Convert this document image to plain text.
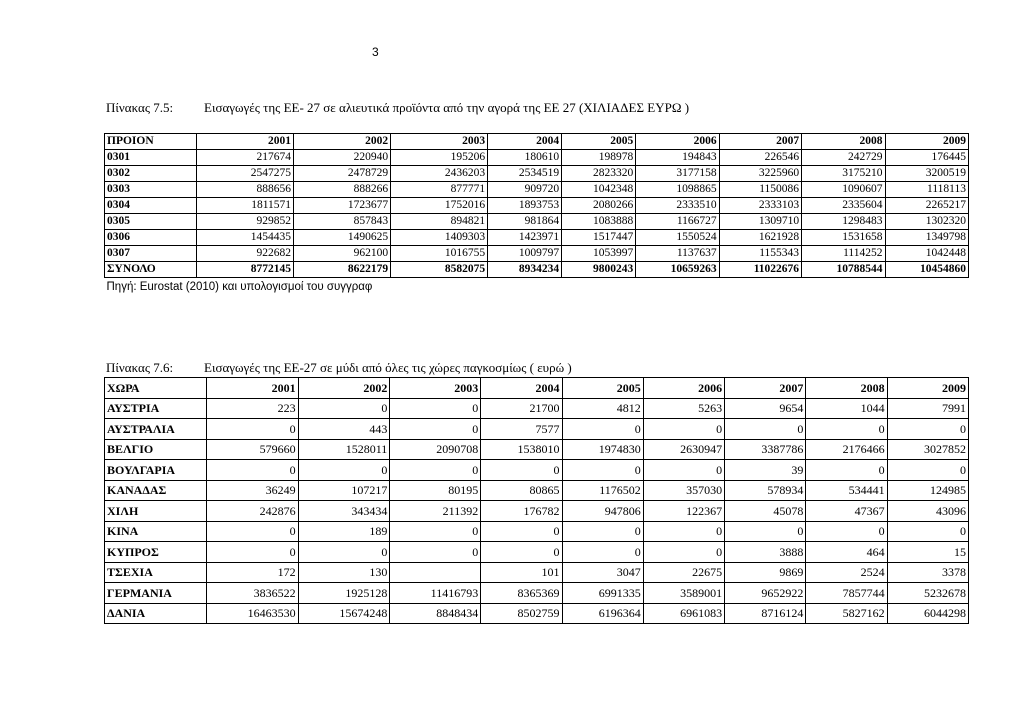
3
Πίνακας 7.5: Εισαγωγές της ΕΕ- 27 σε αλιευτικά προϊόντα από την αγορά της ΕΕ 27 (ΧΙΛΙΑΔΕΣ ΕΥΡΩ )
ΠΡΟΙΟΝ	2001	2002	2003	2004	2005	2006	2007	2008	2009
0301	217674	220940	195206	180610	198978	194843	226546	242729	176445
0302	2547275	2478729	2436203	2534519	2823320	3177158	3225960	3175210	3200519
0303	888656	888266	877771	909720	1042348	1098865	1150086	1090607	1118113
0304	1811571	1723677	1752016	1893753	2080266	2333510	2333103	2335604	2265217
0305	929852	857843	894821	981864	1083888	1166727	1309710	1298483	1302320
0306	1454435	1490625	1409303	1423971	1517447	1550524	1621928	1531658	1349798
0307	922682	962100	1016755	1009797	1053997	1137637	1155343	1114252	1042448
ΣΥΝΟΛΟ	8772145	8622179	8582075	8934234	9800243	10659263	11022676	10788544	10454860
Πηγή: Eurostat (2010) και υπολογισμοί του συγγραφ									
Πίνακας 7.6: Εισαγωγές της ΕΕ-27 σε μύδι από όλες τις χώρες παγκοσμίως ( ευρώ )
ΧΩΡΑ	2001	2002	2003	2004	2005	2006	2007	2008	2009
ΑΥΣΤΡΙΑ	223	0	0	21700	4812	5263	9654	1044	7991
ΑΥΣΤΡΑΛΙΑ	0	443	0	7577	0	0	0	0	0
ΒΕΛΓΙΟ	579660	1528011	2090708	1538010	1974830	2630947	3387786	2176466	3027852
ΒΟΥΛΓΑΡΙΑ	0	0	0	0	0	0	39	0	0
ΚΑΝΑΔΑΣ	36249	107217	80195	80865	1176502	357030	578934	534441	124985
ΧΙΛΗ	242876	343434	211392	176782	947806	122367	45078	47367	43096
ΚΙΝΑ	0	189	0	0	0	0	0	0	0
ΚΥΠΡΟΣ	0	0	0	0	0	0	3888	464	15
ΤΣΕΧΙΑ	172	130		101	3047	22675	9869	2524	3378
ΓΕΡΜΑΝΙΑ	3836522	1925128	11416793	8365369	6991335	3589001	9652922	7857744	5232678
ΔΑΝΙΑ	16463530	15674248	8848434	8502759	6196364	6961083	8716124	5827162	6044298
